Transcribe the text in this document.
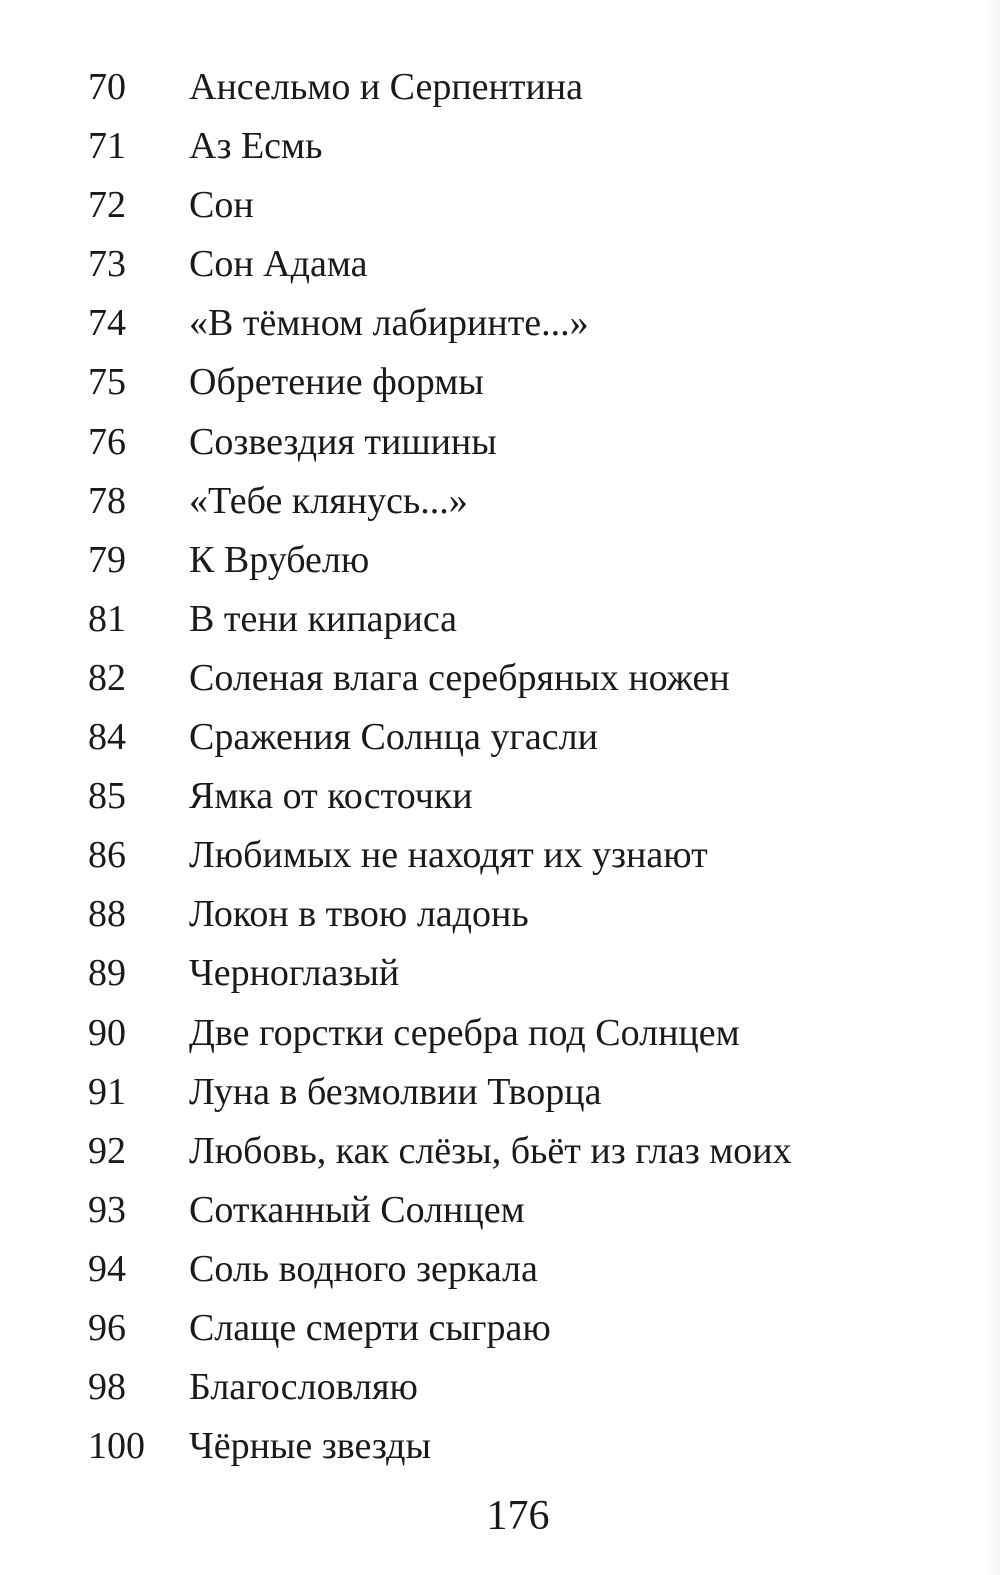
70 Ансельмо и Серпентина
71 Аз Есмь
72 Сон
73 Сон Адама
74 «В тёмном лабиринте...»
75 Обретение формы
76 Созвездия тишины
78 «Тебе клянусь...»
79 К Врубелю
81 В тени кипариса
82 Соленая влага серебряных ножен
84 Сражения Солнца угасли
85 Ямка от косточки
86 Любимых не находят их узнают
88 Локон в твою ладонь
89 Черноглазый
90 Две горстки серебра под Солнцем
91 Луна в безмолвии Творца
92 Любовь, как слёзы, бьёт из глаз моих
93 Сотканный Солнцем
94 Соль водного зеркала
96 Слаще смерти сыграю
98 Благословляю
100 Чёрные звезды
176
